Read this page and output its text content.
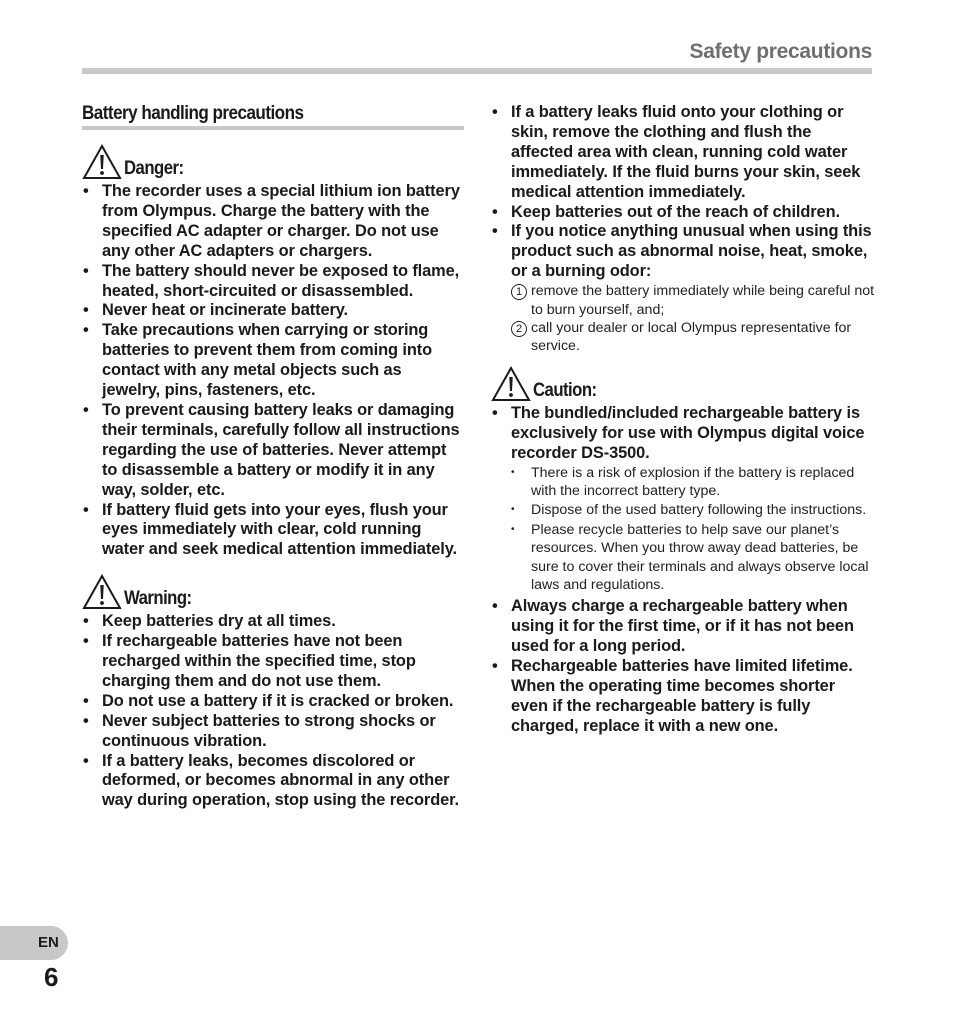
Safety precautions
Battery handling precautions
Danger:
• The recorder uses a special lithium ion battery from Olympus. Charge the battery with the specified AC adapter or charger. Do not use any other AC adapters or chargers.
• The battery should never be exposed to flame, heated, short-circuited or disassembled.
• Never heat or incinerate battery.
• Take precautions when carrying or storing batteries to prevent them from coming into contact with any metal objects such as jewelry, pins, fasteners, etc.
• To prevent causing battery leaks or damaging their terminals, carefully follow all instructions regarding the use of batteries. Never attempt to disassemble a battery or modify it in any way, solder, etc.
• If battery fluid gets into your eyes, flush your eyes immediately with clear, cold running water and seek medical attention immediately.
Warning:
• Keep batteries dry at all times.
• If rechargeable batteries have not been recharged within the specified time, stop charging them and do not use them.
• Do not use a battery if it is cracked or broken.
• Never subject batteries to strong shocks or continuous vibration.
• If a battery leaks, becomes discolored or deformed, or becomes abnormal in any other way during operation, stop using the recorder.
• If a battery leaks fluid onto your clothing or skin, remove the clothing and flush the affected area with clean, running cold water immediately. If the fluid burns your skin, seek medical attention immediately.
• Keep batteries out of the reach of children.
• If you notice anything unusual when using this product such as abnormal noise, heat, smoke, or a burning odor:
1 remove the battery immediately while being careful not to burn yourself, and;
2 call your dealer or local Olympus representative for service.
Caution:
• The bundled/included rechargeable battery is exclusively for use with Olympus digital voice recorder DS-3500.
•	There is a risk of explosion if the battery is replaced with the incorrect battery type.
•	Dispose of the used battery following the instructions.
•	Please recycle batteries to help save our planet’s resources. When you throw away dead batteries, be sure to cover their terminals and always observe local laws and regulations.
• Always charge a rechargeable battery when using it for the first time, or if it has not been used for a long period.
• Rechargeable batteries have limited lifetime. When the operating time becomes shorter even if the rechargeable battery is fully charged, replace it with a new one.
EN
6
